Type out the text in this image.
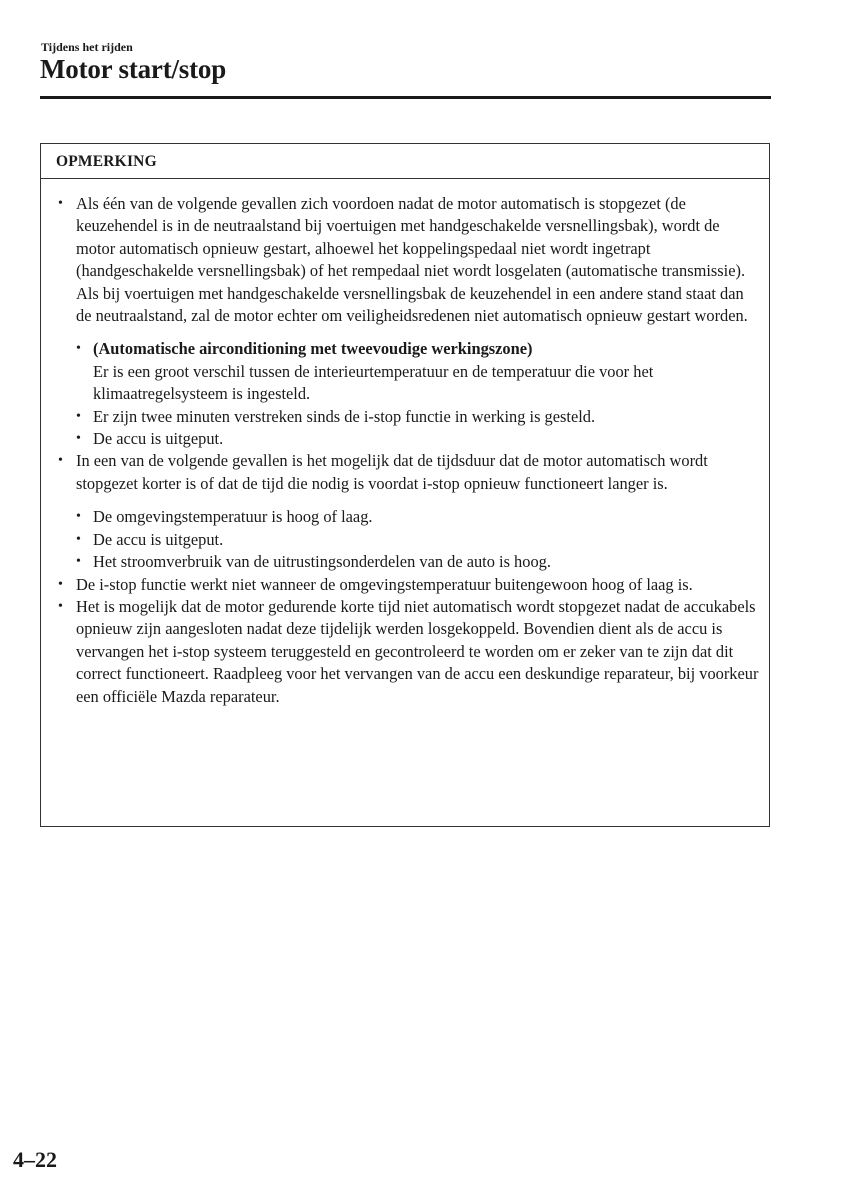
Tijdens het rijden
Motor start/stop
OPMERKING
• Als één van de volgende gevallen zich voordoen nadat de motor automatisch is stopgezet (de keuzehendel is in de neutraalstand bij voertuigen met handgeschakelde versnellingsbak), wordt de motor automatisch opnieuw gestart, alhoewel het koppelingspedaal niet wordt ingetrapt (handgeschakelde versnellingsbak) of het rempedaal niet wordt losgelaten (automatische transmissie). Als bij voertuigen met handgeschakelde versnellingsbak de keuzehendel in een andere stand staat dan de neutraalstand, zal de motor echter om veiligheidsredenen niet automatisch opnieuw gestart worden.
• (Automatische airconditioning met tweevoudige werkingszone)
Er is een groot verschil tussen de interieurtemperatuur en de temperatuur die voor het klimaatregelsysteem is ingesteld.
• Er zijn twee minuten verstreken sinds de i-stop functie in werking is gesteld.
• De accu is uitgeput.
• In een van de volgende gevallen is het mogelijk dat de tijdsduur dat de motor automatisch wordt stopgezet korter is of dat de tijd die nodig is voordat i-stop opnieuw functioneert langer is.
• De omgevingstemperatuur is hoog of laag.
• De accu is uitgeput.
• Het stroomverbruik van de uitrustingsonderdelen van de auto is hoog.
• De i-stop functie werkt niet wanneer de omgevingstemperatuur buitengewoon hoog of laag is.
• Het is mogelijk dat de motor gedurende korte tijd niet automatisch wordt stopgezet nadat de accukabels opnieuw zijn aangesloten nadat deze tijdelijk werden losgekoppeld. Bovendien dient als de accu is vervangen het i-stop systeem teruggesteld en gecontroleerd te worden om er zeker van te zijn dat dit correct functioneert. Raadpleeg voor het vervangen van de accu een deskundige reparateur, bij voorkeur een officiële Mazda reparateur.
4–22
